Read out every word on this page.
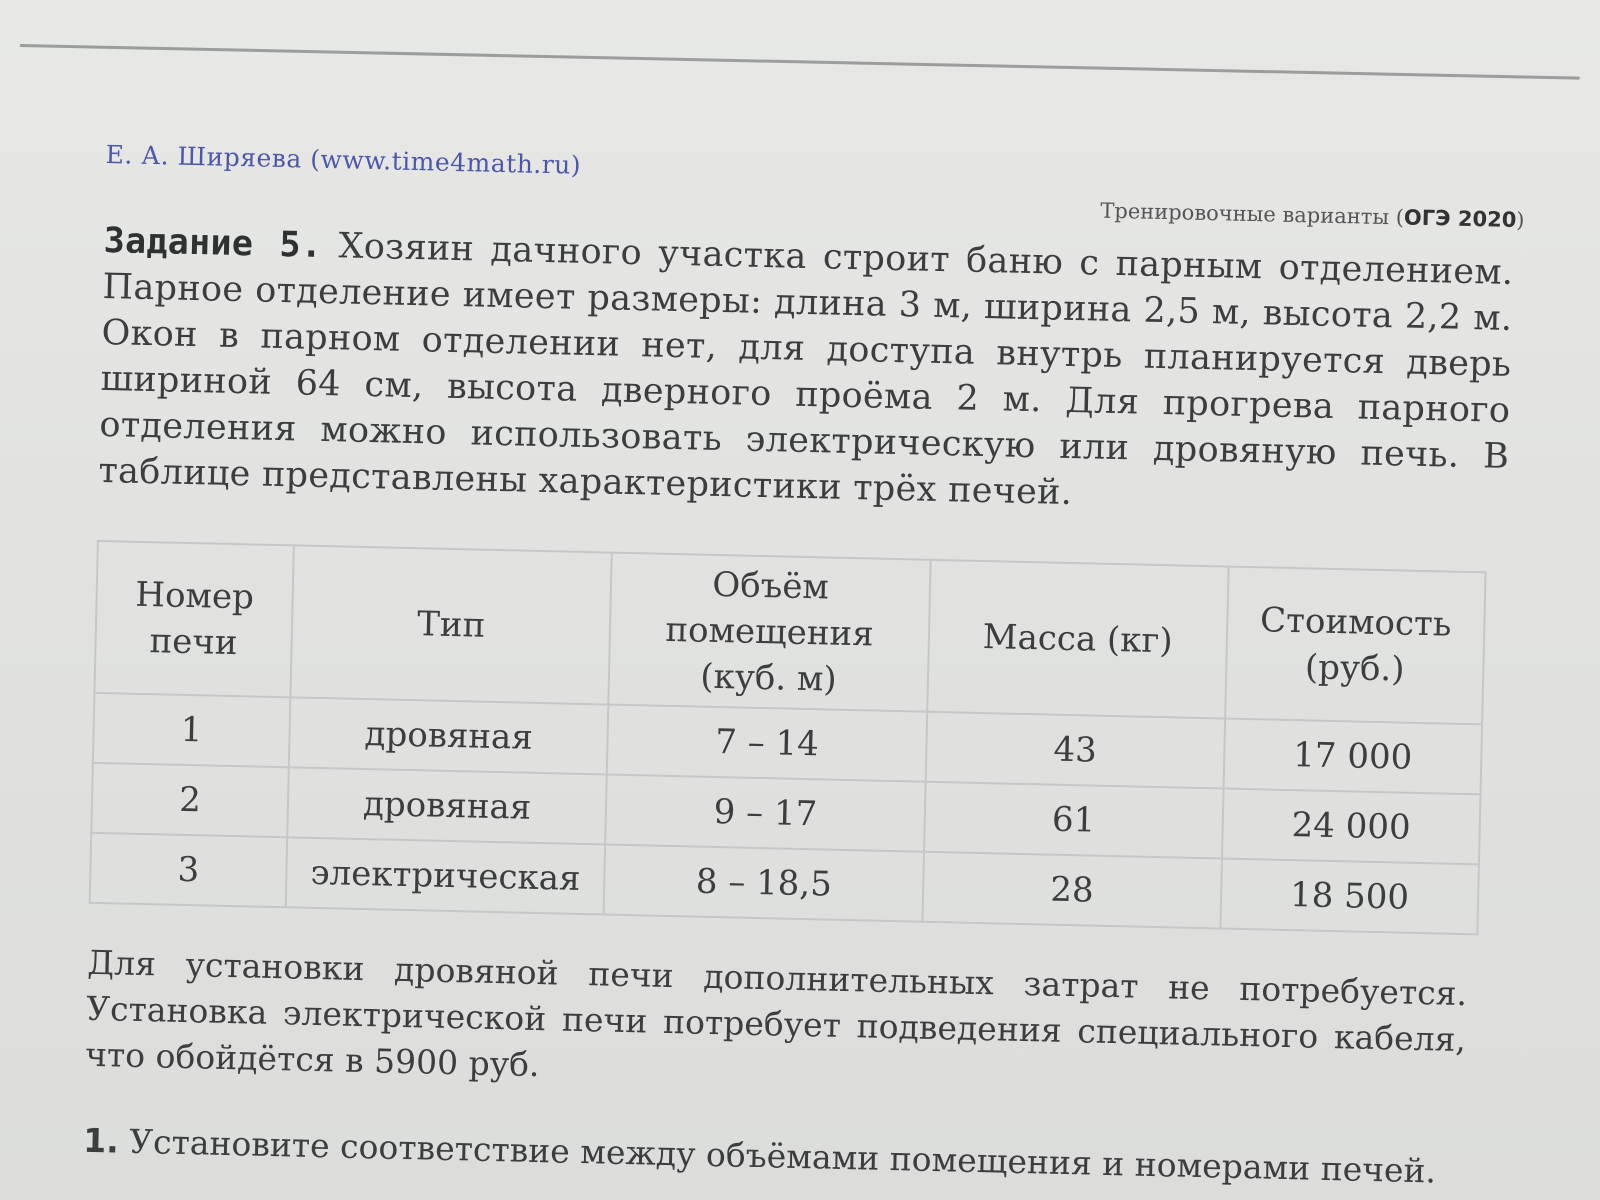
Е. А. Ширяева (www.time4math.ru)
Тренировочные варианты (ОГЭ 2020)
Задание 5. Хозяин дачного участка строит баню с парным отделением. Парное отделение имеет размеры: длина 3 м, ширина 2,5 м, высота 2,2 м. Окон в парном отделении нет, для доступа внутрь планируется дверь шириной 64 см, высота дверного проёма 2 м. Для прогрева парного отделения можно использовать электрическую или дровяную печь. В таблице представлены характеристики трёх печей.
Номер печи	Тип	Объём помещения (куб. м)	Масса (кг)	Стоимость (руб.)
1	дровяная	7 – 14	43	17 000
2	дровяная	9 – 17	61	24 000
3	электрическая	8 – 18,5	28	18 500
Для установки дровяной печи дополнительных затрат не потребуется. Установка электрической печи потребует подведения специального кабеля, что обойдётся в 5900 руб.
1. Установите соответствие между объёмами помещения и номерами печей.
